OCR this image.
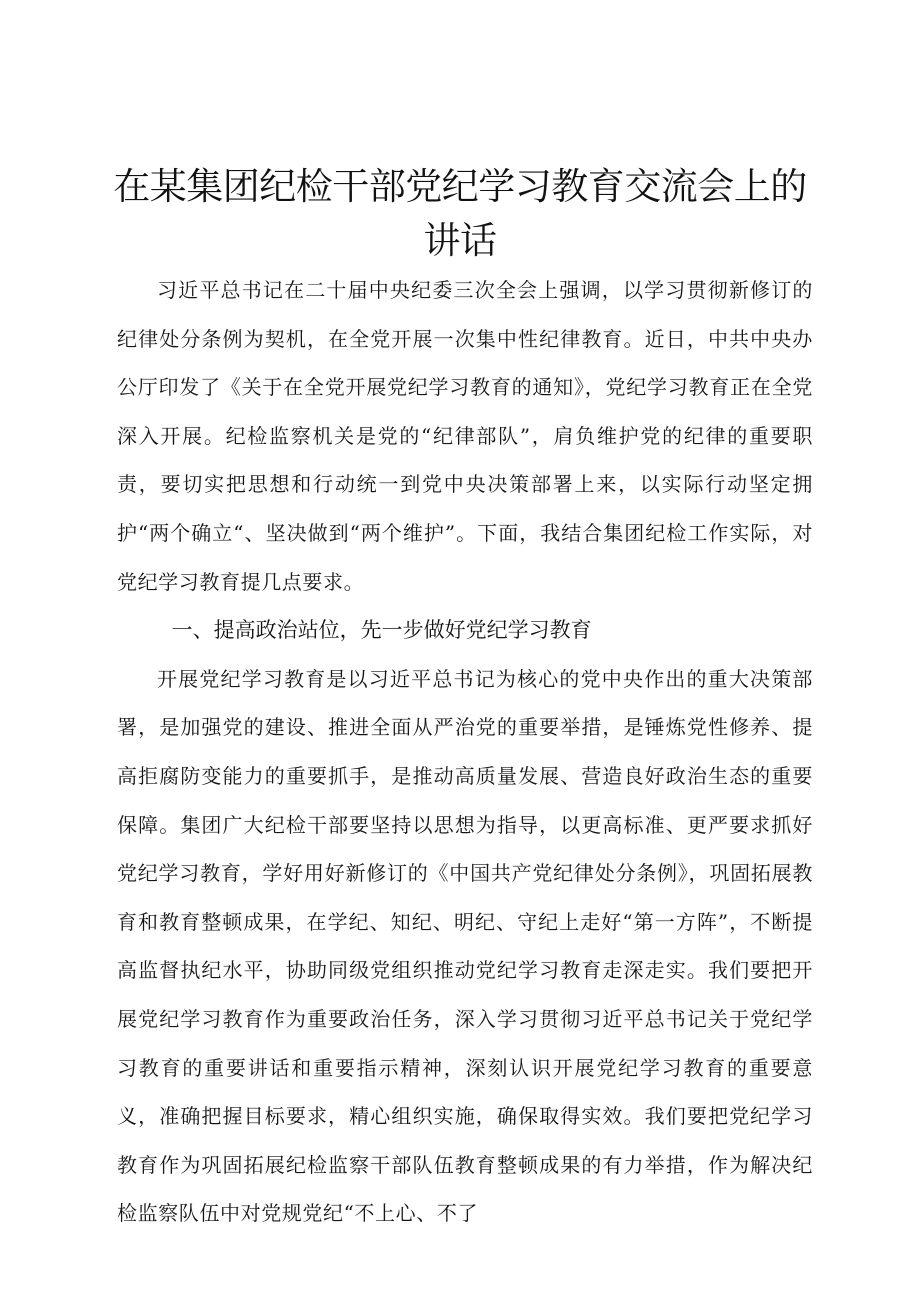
在某集团纪检干部党纪学习教育交流会上的讲话

习近平总书记在二十届中央纪委三次全会上强调，以学习贯彻新修订的纪律处分条例为契机，在全党开展一次集中性纪律教育。近日，中共中央办公厅印发了《关于在全党开展党纪学习教育的通知》，党纪学习教育正在全党深入开展。纪检监察机关是党的“纪律部队”，肩负维护党的纪律的重要职责，要切实把思想和行动统一到党中央决策部署上来，以实际行动坚定拥护“两个确立“、坚决做到“两个维护”。下面，我结合集团纪检工作实际，对党纪学习教育提几点要求。

一、提高政治站位，先一步做好党纪学习教育

开展党纪学习教育是以习近平总书记为核心的党中央作出的重大决策部署，是加强党的建设、推进全面从严治党的重要举措，是锤炼党性修养、提高拒腐防变能力的重要抓手，是推动高质量发展、营造良好政治生态的重要保障。集团广大纪检干部要坚持以思想为指导，以更高标准、更严要求抓好党纪学习教育，学好用好新修订的《中国共产党纪律处分条例》，巩固拓展教育和教育整顿成果，在学纪、知纪、明纪、守纪上走好“第一方阵”，不断提高监督执纪水平，协助同级党组织推动党纪学习教育走深走实。我们要把开展党纪学习教育作为重要政治任务，深入学习贯彻习近平总书记关于党纪学习教育的重要讲话和重要指示精神，深刻认识开展党纪学习教育的重要意义，准确把握目标要求，精心组织实施，确保取得实效。我们要把党纪学习教育作为巩固拓展纪检监察干部队伍教育整顿成果的有力举措，作为解决纪检监察队伍中对党规党纪“不上心、不了
